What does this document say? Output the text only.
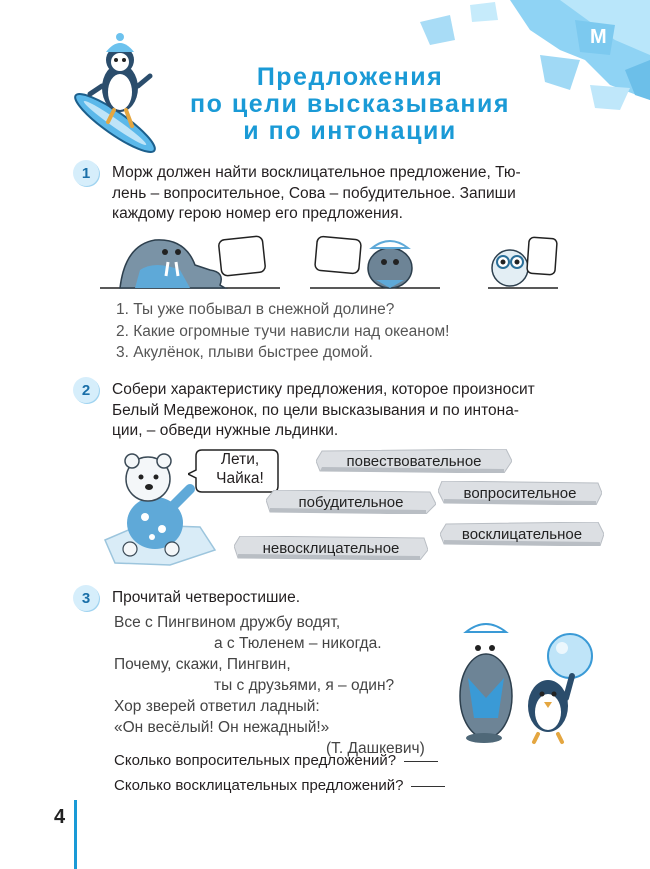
М
Предложения
по цели высказывания
и по интонации
1	Морж должен найти восклицательное предложение, Тю-
лень – вопросительное, Сова – побудительное. Запиши
каждому герою номер его предложения.
1. Ты уже побывал в снежной долине?
2. Какие огромные тучи нависли над океаном!
3. Акулёнок, плыви быстрее домой.
2	Собери характеристику предложения, которое произносит
Белый Медвежонок, по цели высказывания и по интона-
ции, – обведи нужные льдинки.
Лети,
Чайка!
повествовательное
вопросительное
побудительное
восклицательное
невосклицательное
3	Прочитай четверостишие.
Все с Пингвином дружбу водят,
а с Тюленем – никогда.
Почему, скажи, Пингвин,
ты с друзьями, я – один?
Хор зверей ответил ладный:
«Он весёлый! Он нежадный!»
(Т. Дашкевич)
Сколько вопросительных предложений?
Сколько восклицательных предложений?
4
